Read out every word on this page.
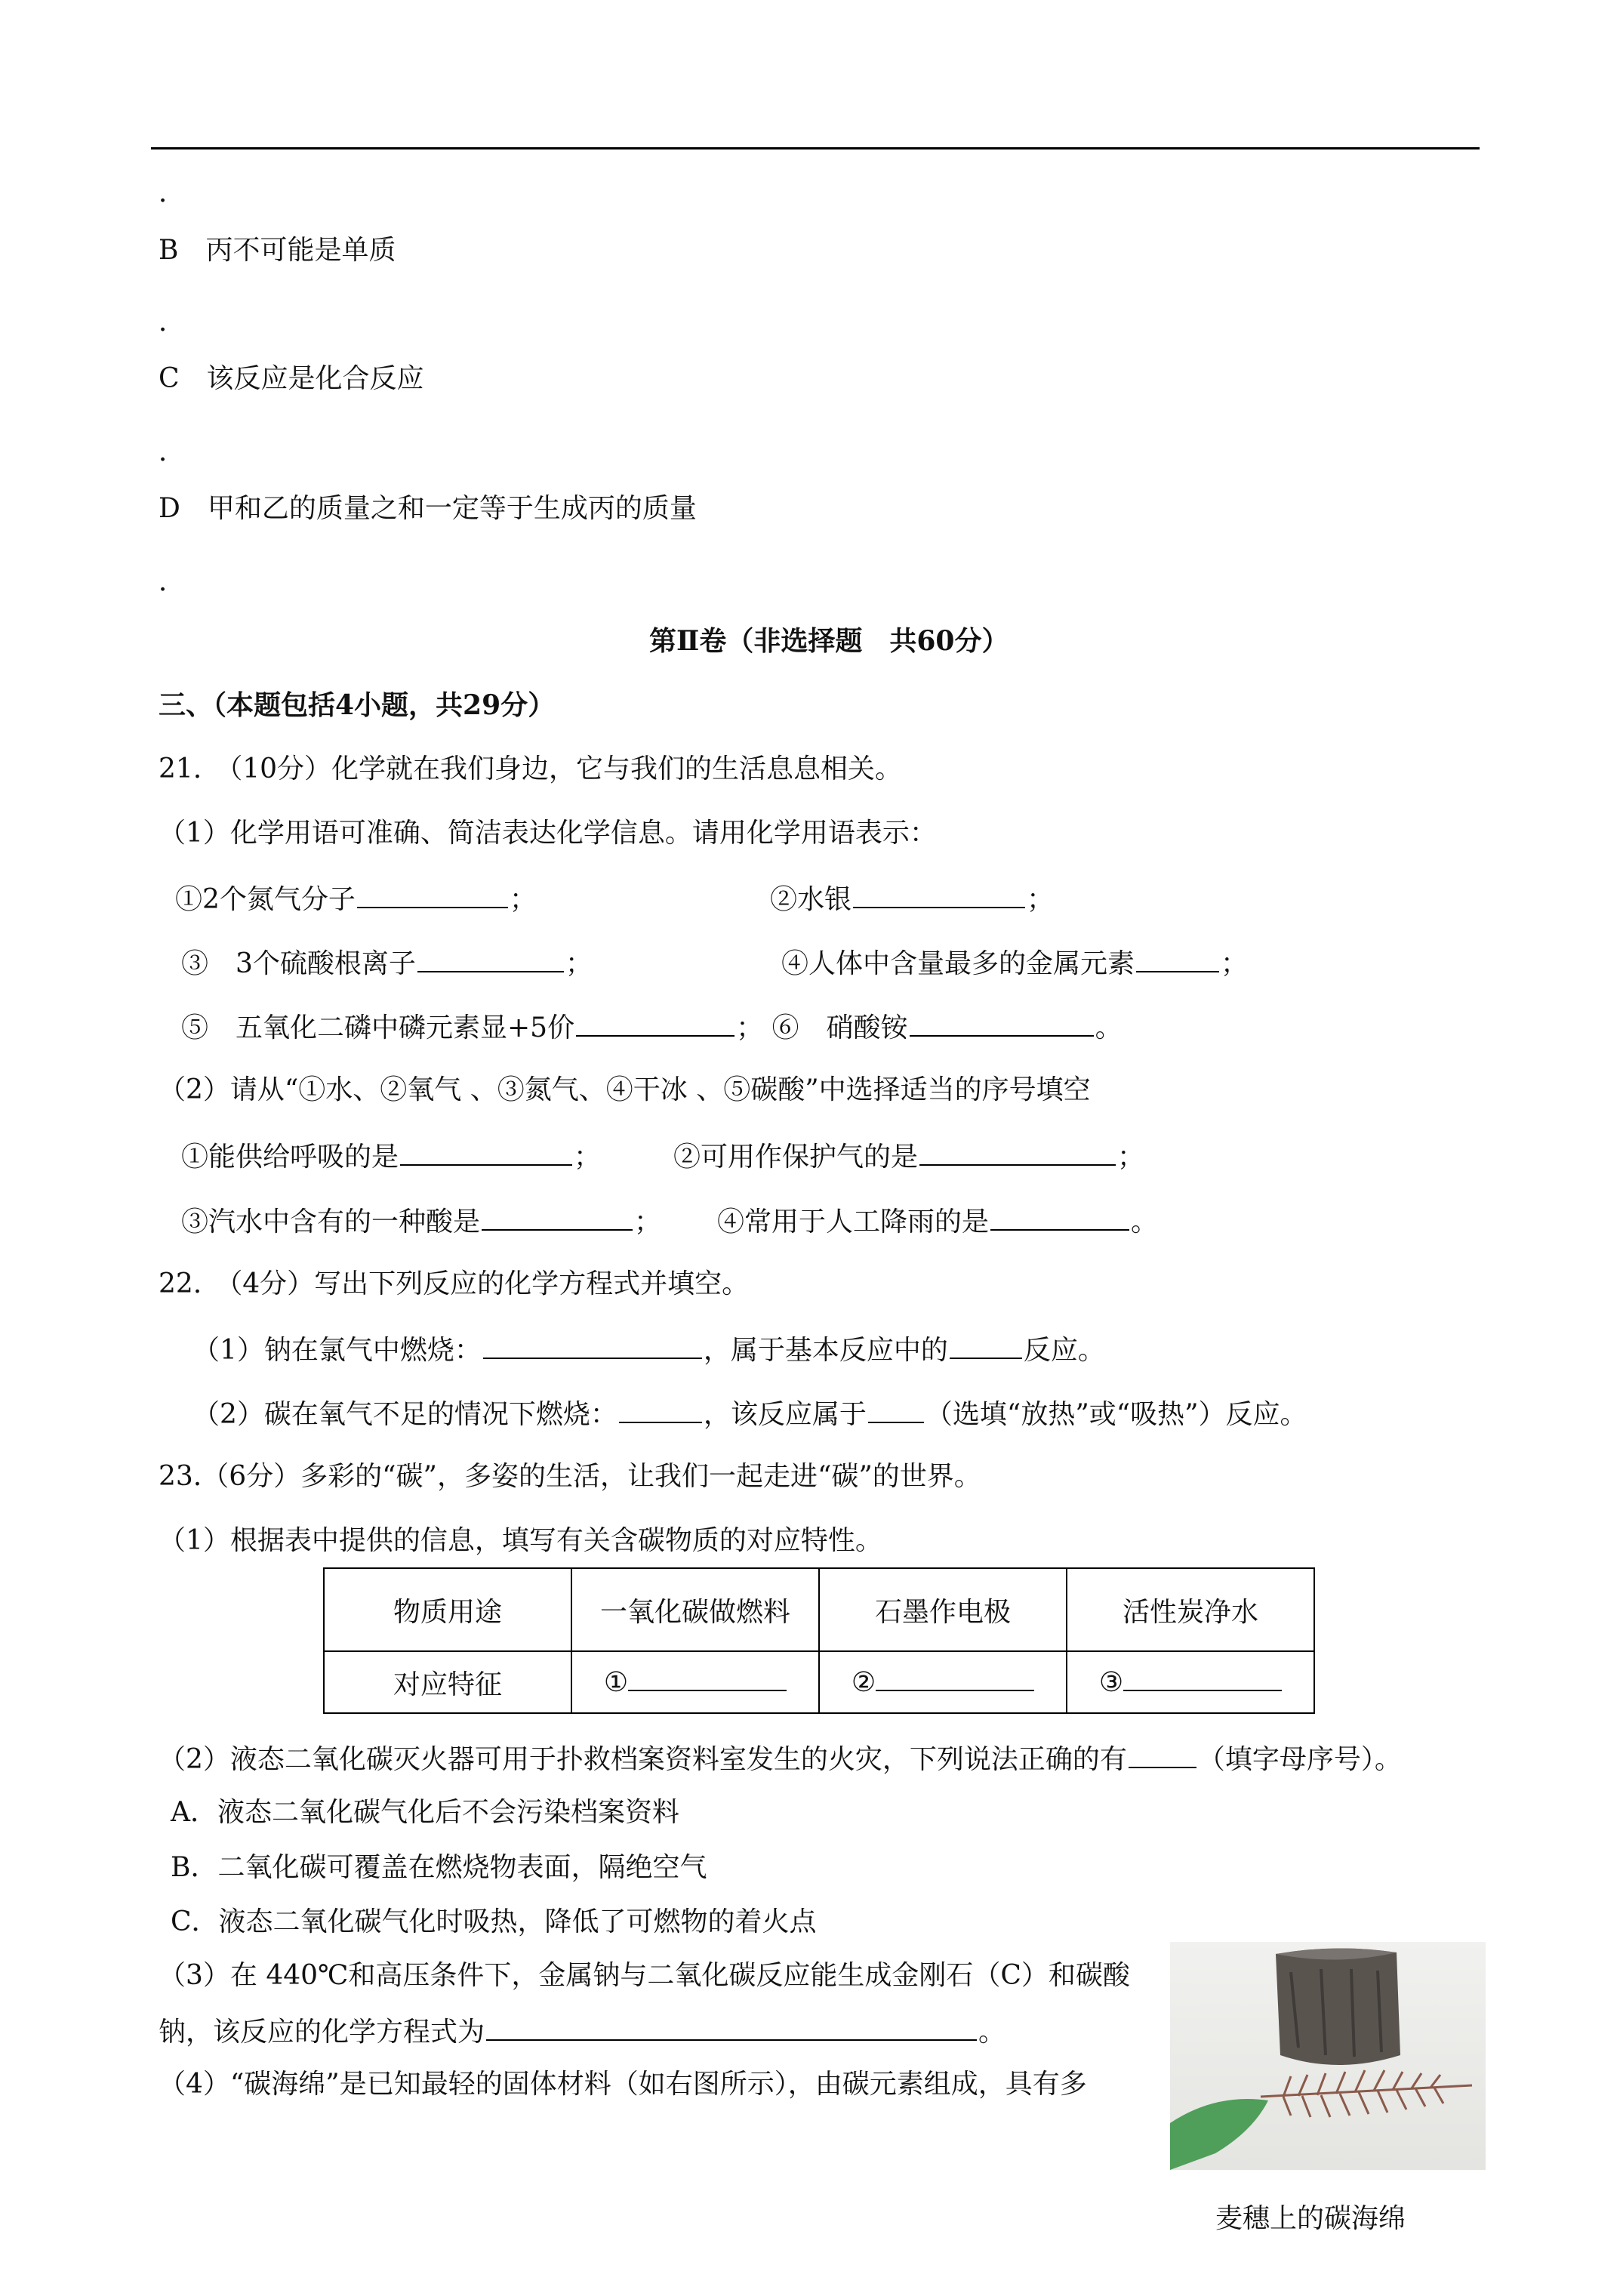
．
B　丙不可能是单质
．
C　该反应是化合反应
．
D　甲和乙的质量之和一定等于生成丙的质量
．
第Ⅱ卷（非选择题　共60分）
三、（本题包括4小题，共29分）
21.　（10分）化学就在我们身边，它与我们的生活息息相关。
（1）化学用语可准确、简洁表达化学信息。请用化学用语表示：
①2个氮气分子	；	②水银	；
③　3个硫酸根离子	；	④人体中含量最多的金属元素	；
⑤　五氧化二磷中磷元素显+5价	； ⑥　硝酸铵	。
（2）请从“①水、②氧气 、③氮气、④干冰 、⑤碳酸”中选择适当的序号填空
①能供给呼吸的是	；	②可用作保护气的是	；
③汽水中含有的一种酸是	； ④常用于人工降雨的是	。
22.　（4分）写出下列反应的化学方程式并填空。
（1）钠在氯气中燃烧：	，属于基本反应中的	反应。
（2）碳在氧气不足的情况下燃烧：	，该反应属于 （选填“放热”或“吸热”）反应。
23.（6分）多彩的“碳”，多姿的生活，让我们一起走进“碳”的世界。
（1）根据表中提供的信息，填写有关含碳物质的对应特性。
物质用途	一氧化碳做燃料	石墨作电极	活性炭净水
对应特征	①	②	③
（2）液态二氧化碳灭火器可用于扑救档案资料室发生的火灾，下列说法正确的有	（填字母序号）。
A．液态二氧化碳气化后不会污染档案资料
B．二氧化碳可覆盖在燃烧物表面，隔绝空气
C．液态二氧化碳气化时吸热，降低了可燃物的着火点
（3）在 440℃和高压条件下，金属钠与二氧化碳反应能生成金刚石（C）和碳酸
钠，该反应的化学方程式为	。
（4）“碳海绵”是已知最轻的固体材料（如右图所示），由碳元素组成，具有多
麦穗上的碳海绵
